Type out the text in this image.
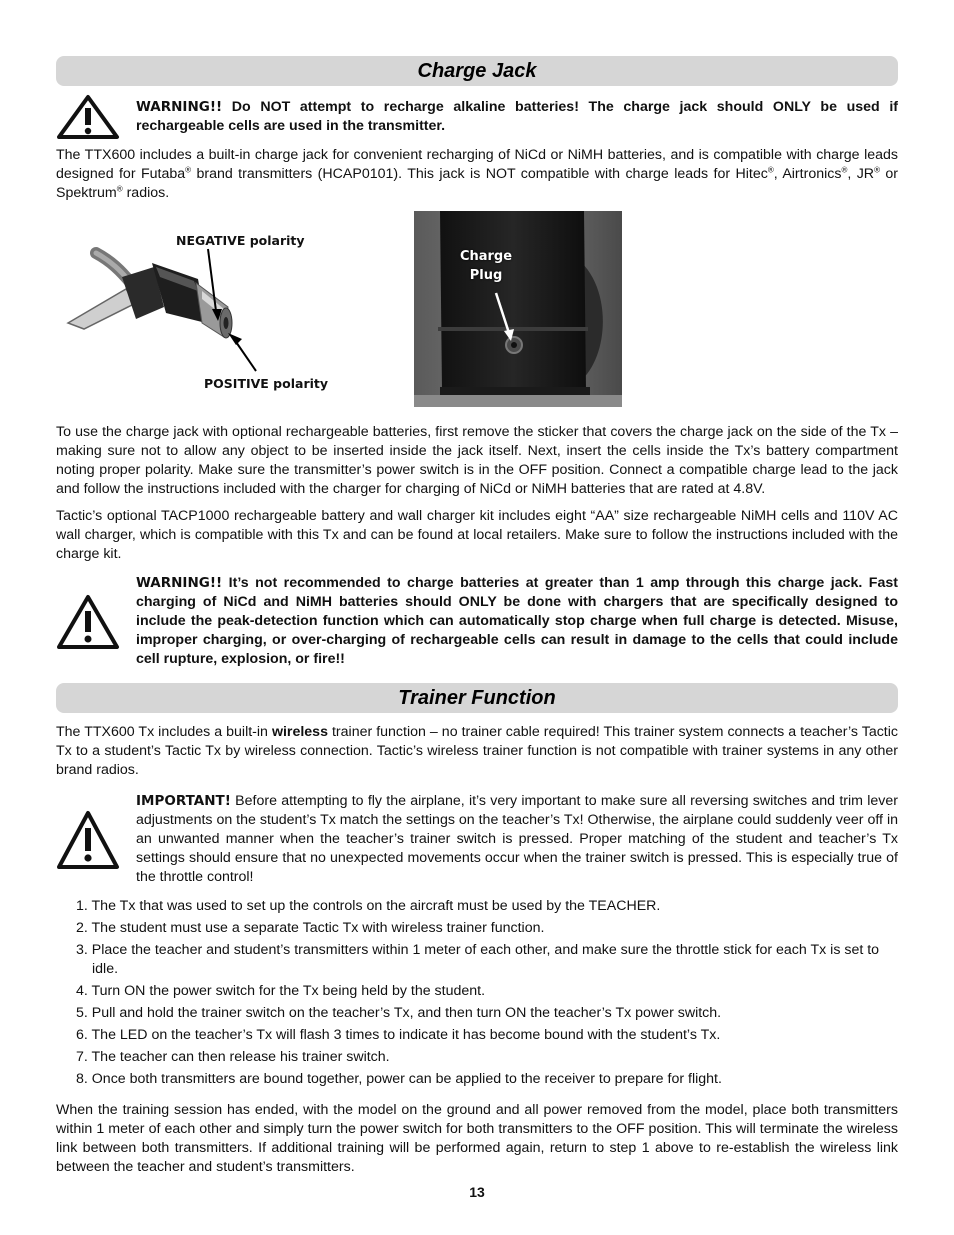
Charge Jack
WARNING!! Do NOT attempt to recharge alkaline batteries! The charge jack should ONLY be used if rechargeable cells are used in the transmitter.

The TTX600 includes a built-in charge jack for convenient recharging of NiCd or NiMH batteries, and is compatible with charge leads designed for Futaba® brand transmitters (HCAP0101). This jack is NOT compatible with charge leads for Hitec®, Airtronics®, JR® or Spektrum® radios.

NEGATIVE polarity
POSITIVE polarity
Charge
Plug

To use the charge jack with optional rechargeable batteries, first remove the sticker that covers the charge jack on the side of the Tx – making sure not to allow any object to be inserted inside the jack itself. Next, insert the cells inside the Tx’s battery compartment noting proper polarity. Make sure the transmitter’s power switch is in the OFF position. Connect a compatible charge lead to the jack and follow the instructions included with the charger for charging of NiCd or NiMH batteries that are rated at 4.8V.

Tactic’s optional TACP1000 rechargeable battery and wall charger kit includes eight “AA” size rechargeable NiMH cells and 110V AC wall charger, which is compatible with this Tx and can be found at local retailers. Make sure to follow the instructions included with the charge kit.

WARNING!! It’s not recommended to charge batteries at greater than 1 amp through this charge jack. Fast charging of NiCd and NiMH batteries should ONLY be done with chargers that are specifically designed to include the peak-detection function which can automatically stop charge when full charge is detected. Misuse, improper charging, or over-charging of rechargeable cells can result in damage to the cells that could include cell rupture, explosion, or fire!!
Trainer Function

The TTX600 Tx includes a built-in wireless trainer function – no trainer cable required! This trainer system connects a teacher’s Tactic Tx to a student’s Tactic Tx by wireless connection. Tactic’s wireless trainer function is not compatible with trainer systems in any other brand radios.

IMPORTANT! Before attempting to fly the airplane, it’s very important to make sure all reversing switches and trim lever adjustments on the student’s Tx match the settings on the teacher’s Tx! Otherwise, the airplane could suddenly veer off in an unwanted manner when the teacher’s trainer switch is pressed. Proper matching of the student and teacher’s Tx settings should ensure that no unexpected movements occur when the trainer switch is pressed. This is especially true of the throttle control!
1. The Tx that was used to set up the controls on the aircraft must be used by the TEACHER.
2. The student must use a separate Tactic Tx with wireless trainer function.
3. Place the teacher and student’s transmitters within 1 meter of each other, and make sure the throttle stick for each Tx is set to idle.
4. Turn ON the power switch for the Tx being held by the student.
5. Pull and hold the trainer switch on the teacher’s Tx, and then turn ON the teacher’s Tx power switch.
6. The LED on the teacher’s Tx will flash 3 times to indicate it has become bound with the student’s Tx.
7. The teacher can then release his trainer switch.
8. Once both transmitters are bound together, power can be applied to the receiver to prepare for flight.

When the training session has ended, with the model on the ground and all power removed from the model, place both transmitters within 1 meter of each other and simply turn the power switch for both transmitters to the OFF position. This will terminate the wireless link between both transmitters. If additional training will be performed again, return to step 1 above to re-establish the wireless link between the teacher and student’s transmitters.

13
